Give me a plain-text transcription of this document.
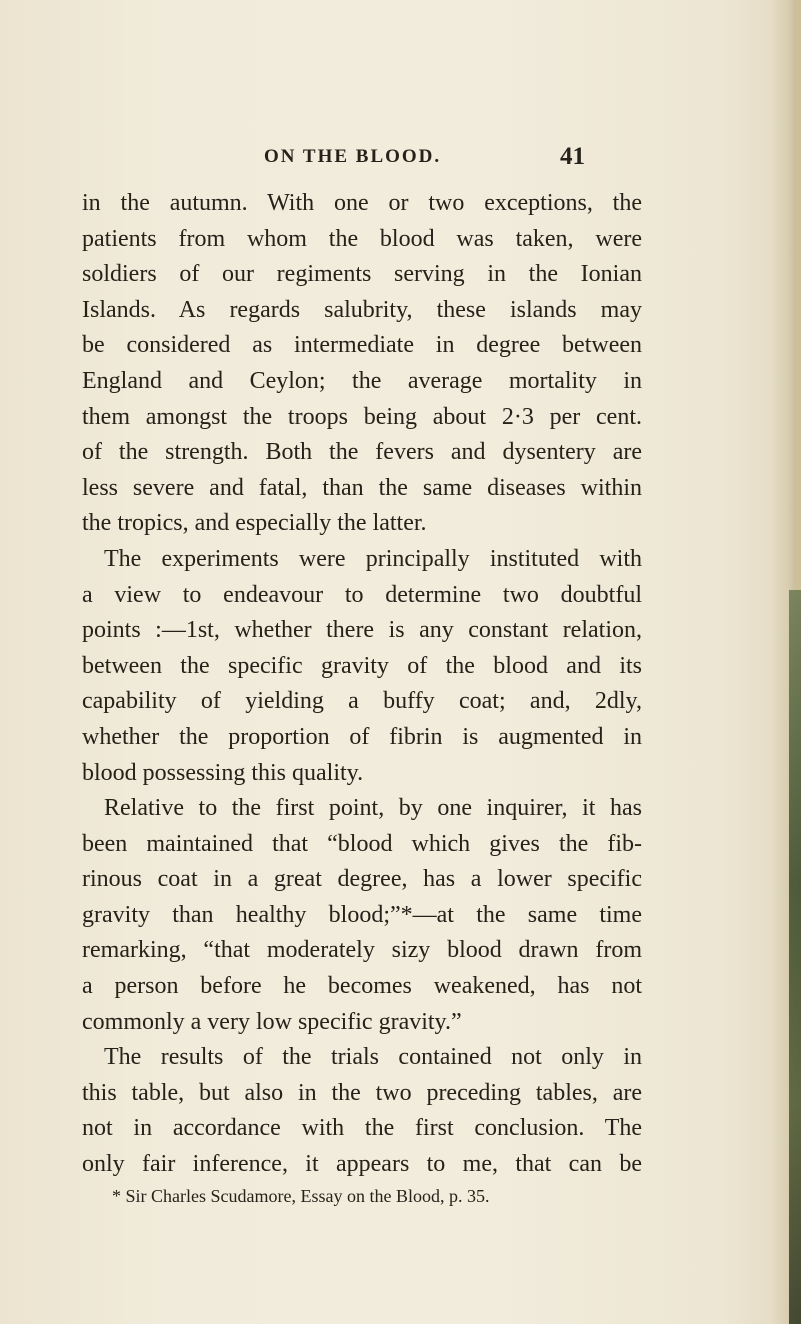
ON THE BLOOD.	41
in the autumn. With one or two exceptions, the
patients from whom the blood was taken, were
soldiers of our regiments serving in the Ionian
Islands. As regards salubrity, these islands may
be considered as intermediate in degree between
England and Ceylon; the average mortality in
them amongst the troops being about 2·3 per cent.
of the strength. Both the fevers and dysentery are
less severe and fatal, than the same diseases within
the tropics, and especially the latter.
The experiments were principally instituted with
a view to endeavour to determine two doubtful
points :—1st, whether there is any constant relation,
between the specific gravity of the blood and its
capability of yielding a buffy coat; and, 2dly,
whether the proportion of fibrin is augmented in
blood possessing this quality.
Relative to the first point, by one inquirer, it has
been maintained that “blood which gives the fib-
rinous coat in a great degree, has a lower specific
gravity than healthy blood;”*—at the same time
remarking, “that moderately sizy blood drawn from
a person before he becomes weakened, has not
commonly a very low specific gravity.”
The results of the trials contained not only in
this table, but also in the two preceding tables, are
not in accordance with the first conclusion. The
only fair inference, it appears to me, that can be
* Sir Charles Scudamore, Essay on the Blood, p. 35.
